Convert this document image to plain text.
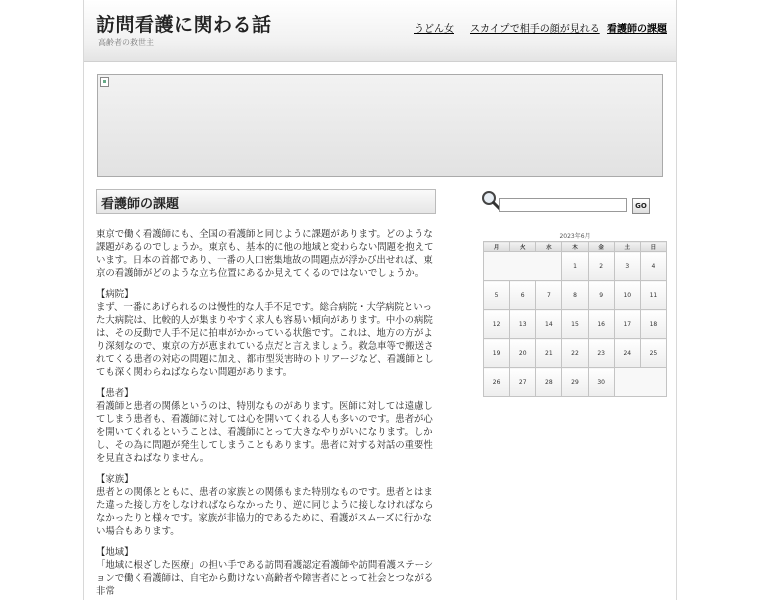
訪問看護に関わる話
高齢者の救世主
うどん女 スカイプで相手の顔が見れる 看護師の課題
看護師の課題

東京で働く看護師にも、全国の看護師と同じように課題があります。どのような課題があるのでしょうか。東京も、基本的に他の地域と変わらない問題を抱えています。日本の首都であり、一番の人口密集地故の問題点が浮かび出せれば、東京の看護師がどのような立ち位置にあるか見えてくるのではないでしょうか。

【病院】

まず、一番にあげられるのは慢性的な人手不足です。総合病院・大学病院といった大病院は、比較的人が集まりやすく求人も容易い傾向があります。中小の病院は、その反動で人手不足に拍車がかかっている状態です。これは、地方の方がより深刻なので、東京の方が恵まれている点だと言えましょう。救急車等で搬送されてくる患者の対応の問題に加え、都市型災害時のトリアージなど、看護師としても深く関わらねばならない問題があります。

【患者】

看護師と患者の関係というのは、特別なものがあります。医師に対しては遠慮してしまう患者も、看護師に対しては心を開いてくれる人も多いのです。患者が心を開いてくれるということは、看護師にとって大きなやりがいになります。しかし、その為に問題が発生してしまうこともあります。患者に対する対話の重要性を見直さねばなりません。

【家族】

患者との関係とともに、患者の家族との関係もまた特別なものです。患者とはまた違った接し方をしなければならなかったり、逆に同じように接しなければならなかったりと様々です。家族が非協力的であるために、看護がスムーズに行かない場合もあります。

【地域】

「地域に根ざした医療」の担い手である訪問看護認定看護師や訪問看護ステーションで働く看護師は、自宅から動けない高齢者や障害者にとって社会とつながる非常

GO
2023年6月
月	火	水	木	金	土	日
			1	2	3	4
5	6	7	8	9	10	11
12	13	14	15	16	17	18
19	20	21	22	23	24	25
26	27	28	29	30		
